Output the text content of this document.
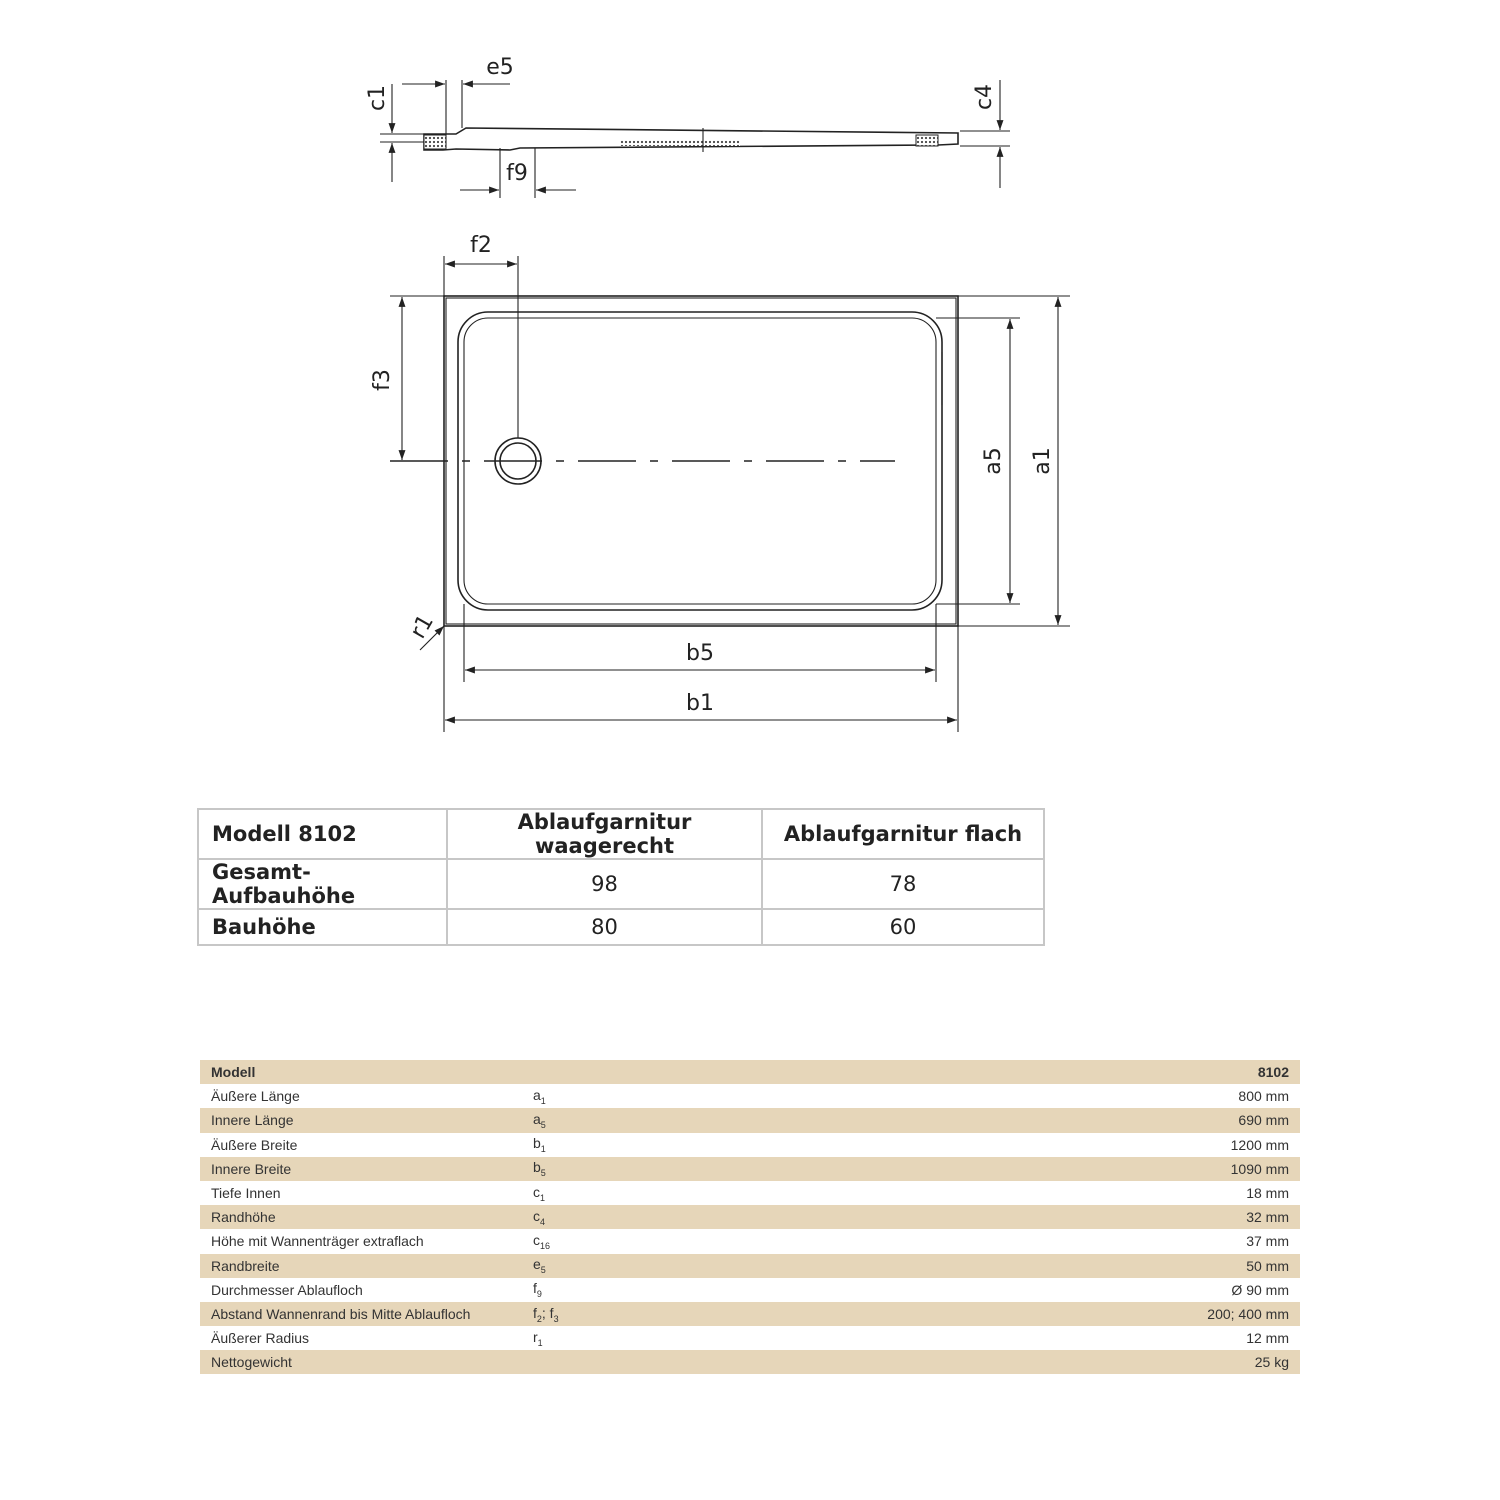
c1
e5
f9
c4
f2
f3
a5 a1
b5
b1
r1
Modell 8102	Ablaufgarnitur waagerecht	Ablaufgarnitur flach
Gesamt-Aufbauhöhe	98	78
Bauhöhe	80	60
Modell		8102
Äußere Länge	$a_1$	800 mm
Innere Länge	$a_5$	690 mm
Äußere Breite	$b_1$	1200 mm
Innere Breite	$b_5$	1090 mm
Tiefe Innen	$c_1$	18 mm
Randhöhe	$c_4$	32 mm
Höhe mit Wannenträger extraflach	$c_{16}$	37 mm
Randbreite	$e_5$	50 mm
Durchmesser Ablaufloch	$f_9$	Ø 90 mm
Abstand Wannenrand bis Mitte Ablaufloch	$f_2$; $f_3$	200; 400 mm
Äußerer Radius	$r_1$	12 mm
Nettogewicht		25 kg
